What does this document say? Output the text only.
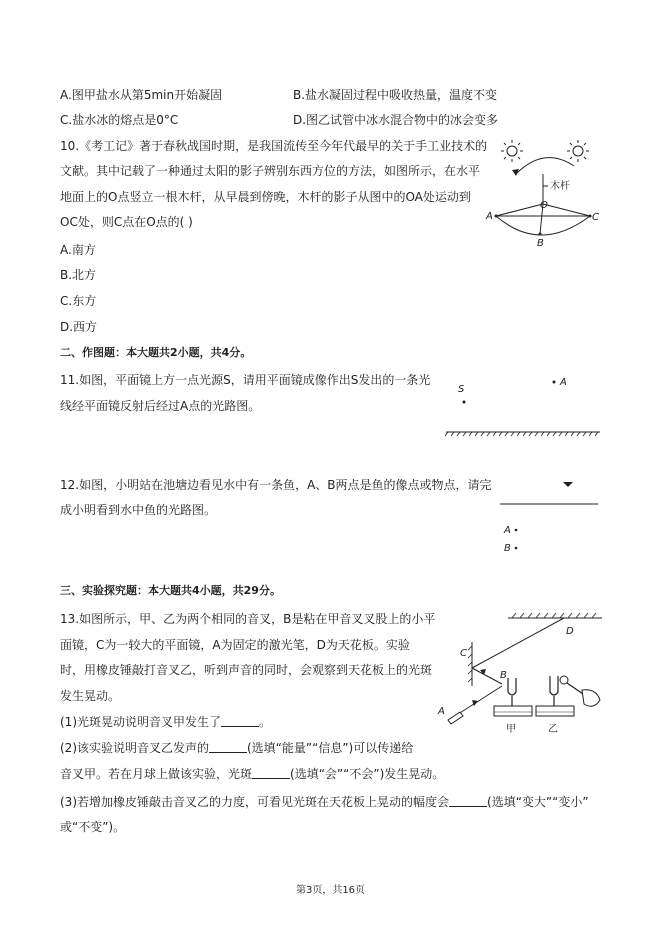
A.图甲盐水从第5min开始凝固	B.盐水凝固过程中吸收热量，温度不变
C.盐水冰的熔点是0°C	D.图乙试管中冰水混合物中的冰会变多
10.《考工记》著于春秋战国时期，是我国流传至今年代最早的关于手工业技术的
文献。其中记载了一种通过太阳的影子辨别东西方位的方法，如图所示，在水平
地面上的O点竖立一根木杆，从早晨到傍晚，木杆的影子从图中的OA处运动到
OC处，则C点在O点的( )
A.南方
B.北方
C.东方
D.西方
木杆
O
A
B
C
二、作图题：本大题共2小题，共4分。
11.如图，平面镜上方一点光源S，请用平面镜成像作出S发出的一条光
线经平面镜反射后经过A点的光路图。
S
A
12.如图，小明站在池塘边看见水中有一条鱼，A、B两点是鱼的像点或物点，请完
成小明看到水中鱼的光路图。
A
B
三、实验探究题：本大题共4小题，共29分。
13.如图所示，甲、乙为两个相同的音叉，B是粘在甲音叉叉股上的小平
面镜，C为一较大的平面镜，A为固定的激光笔，D为天花板。实验
时，用橡皮锤敲打音叉乙，听到声音的同时，会观察到天花板上的光斑
发生晃动。
(1)光斑晃动说明音叉甲发生了	。
(2)该实验说明音叉乙发声的	(选填“能量”“信息”)可以传递给
音叉甲。若在月球上做该实验，光斑	(选填“会”“不会”)发生晃动。
(3)若增加橡皮锤敲击音叉乙的力度，可看见光斑在天花板上晃动的幅度会	(选填“变大”“变小”
或“不变”)。
D
C
A
B
甲	乙
第3页，共16页
